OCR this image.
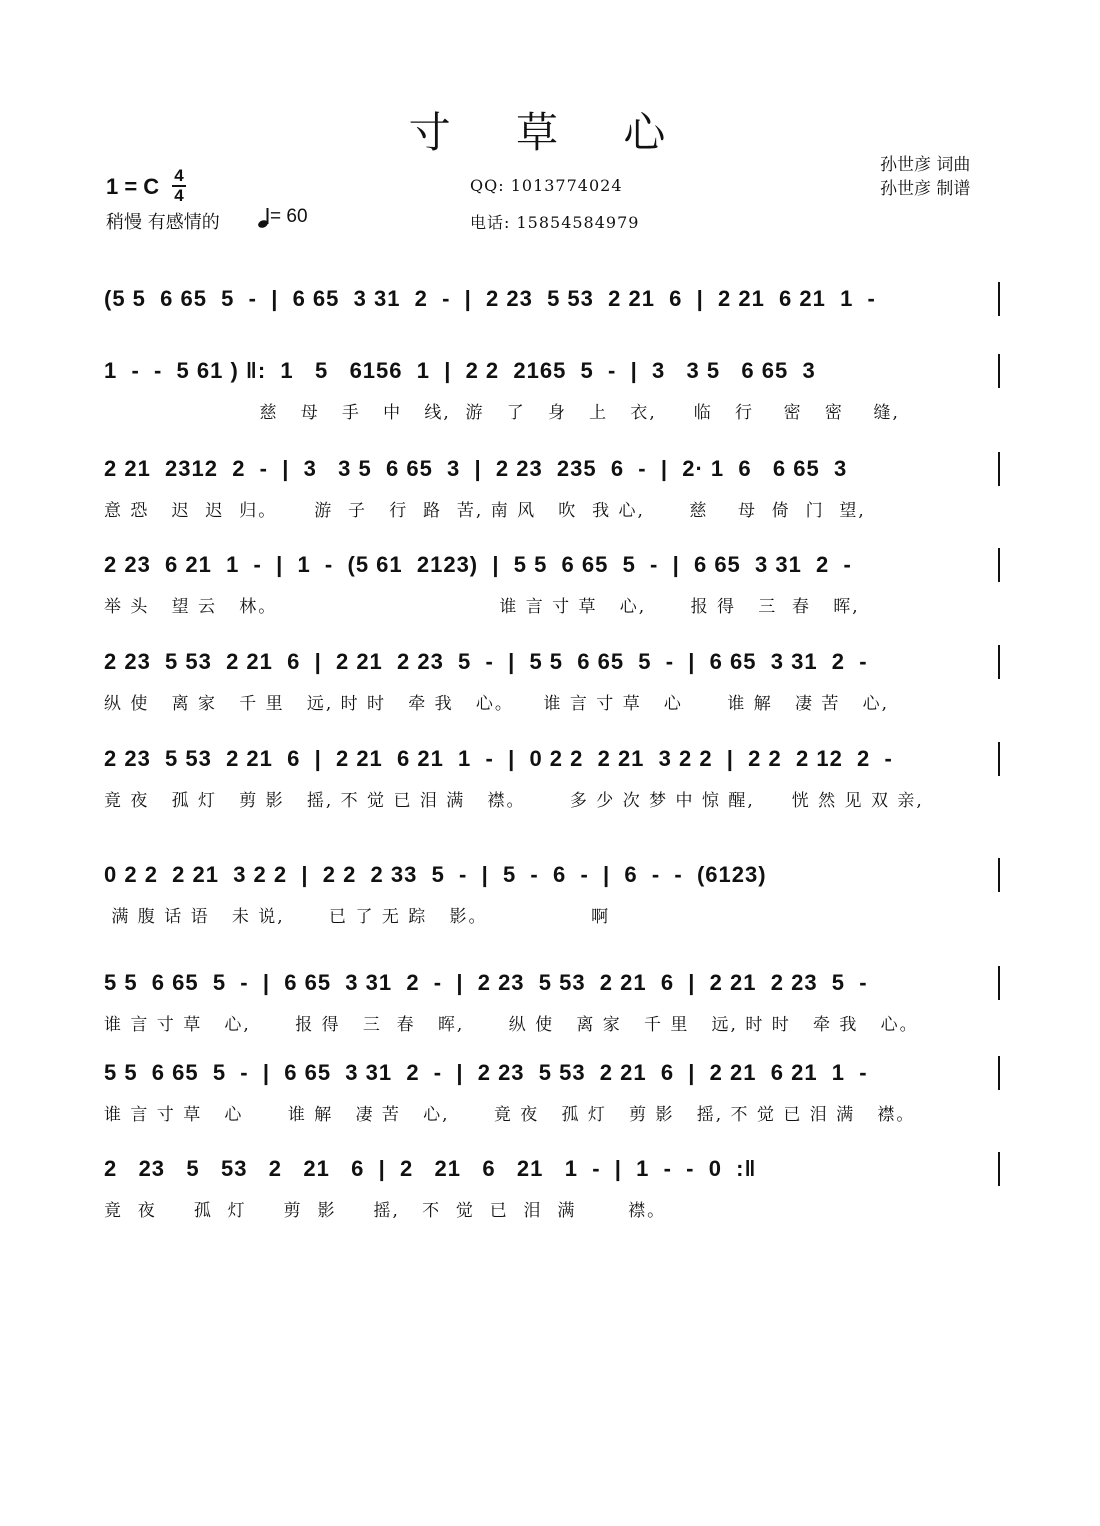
寸 草 心
孙世彦 词曲
孙世彦 制谱
1 = C 4
4
稍慢 有感情的	= 60
QQ: 1013774024
电话: 15854584979
(5 5  6 65  5  -  |  6 65  3 31  2  -  |  2 23  5 53  2 21  6  |  2 21  6 21  1  -
1  -  -  5 61 ) ‖:  1   5   6156  1  |  2 2  2165  5  -  |  3   3 5   6 65  3
慈   母   手   中   线,  游   了   身   上   衣,     临   行    密   密    缝,
2 21  2312  2  -  |  3   3 5  6 65  3  |  2 23  235  6  -  |  2· 1  6   6 65  3
意 恐   迟  迟  归。     游  子   行  路  苦, 南 风   吹  我 心,      慈    母  倚  门  望,
2 23  6 21  1  -  |  1  -  (5 61  2123)  |  5 5  6 65  5  -  |  6 65  3 31  2  -
举 头   望 云   林。                              谁 言 寸 草   心,      报 得   三  春   晖,
2 23  5 53  2 21  6  |  2 21  2 23  5  -  |  5 5  6 65  5  -  |  6 65  3 31  2  -
纵 使   离 家   千 里   远, 时 时   牵 我   心。    谁 言 寸 草   心      谁 解   凄 苦   心,
2 23  5 53  2 21  6  |  2 21  6 21  1  -  |  0 2 2  2 21  3 2 2  |  2 2  2 12  2  -
竟 夜   孤 灯   剪 影   摇, 不 觉 已 泪 满   襟。      多 少 次 梦 中 惊 醒,     恍 然 见 双 亲,
0 2 2  2 21  3 2 2  |  2 2  2 33  5  -  |  5  -  6  -  |  6  -  -  (6123)
满 腹 话 语   未 说,      已 了 无 踪   影。              啊
5 5  6 65  5  -  |  6 65  3 31  2  -  |  2 23  5 53  2 21  6  |  2 21  2 23  5  -
谁 言 寸 草   心,      报 得   三  春   晖,      纵 使   离 家   千 里   远, 时 时   牵 我   心。
5 5  6 65  5  -  |  6 65  3 31  2  -  |  2 23  5 53  2 21  6  |  2 21  6 21  1  -
谁 言 寸 草   心      谁 解   凄 苦   心,      竟 夜   孤 灯   剪 影   摇, 不 觉 已 泪 满   襟。
2   23   5   53   2   21   6  |  2   21   6   21   1  -  |  1  -  -  0  :‖
竟  夜     孤  灯     剪  影     摇,   不  觉  已  泪  满       襟。
